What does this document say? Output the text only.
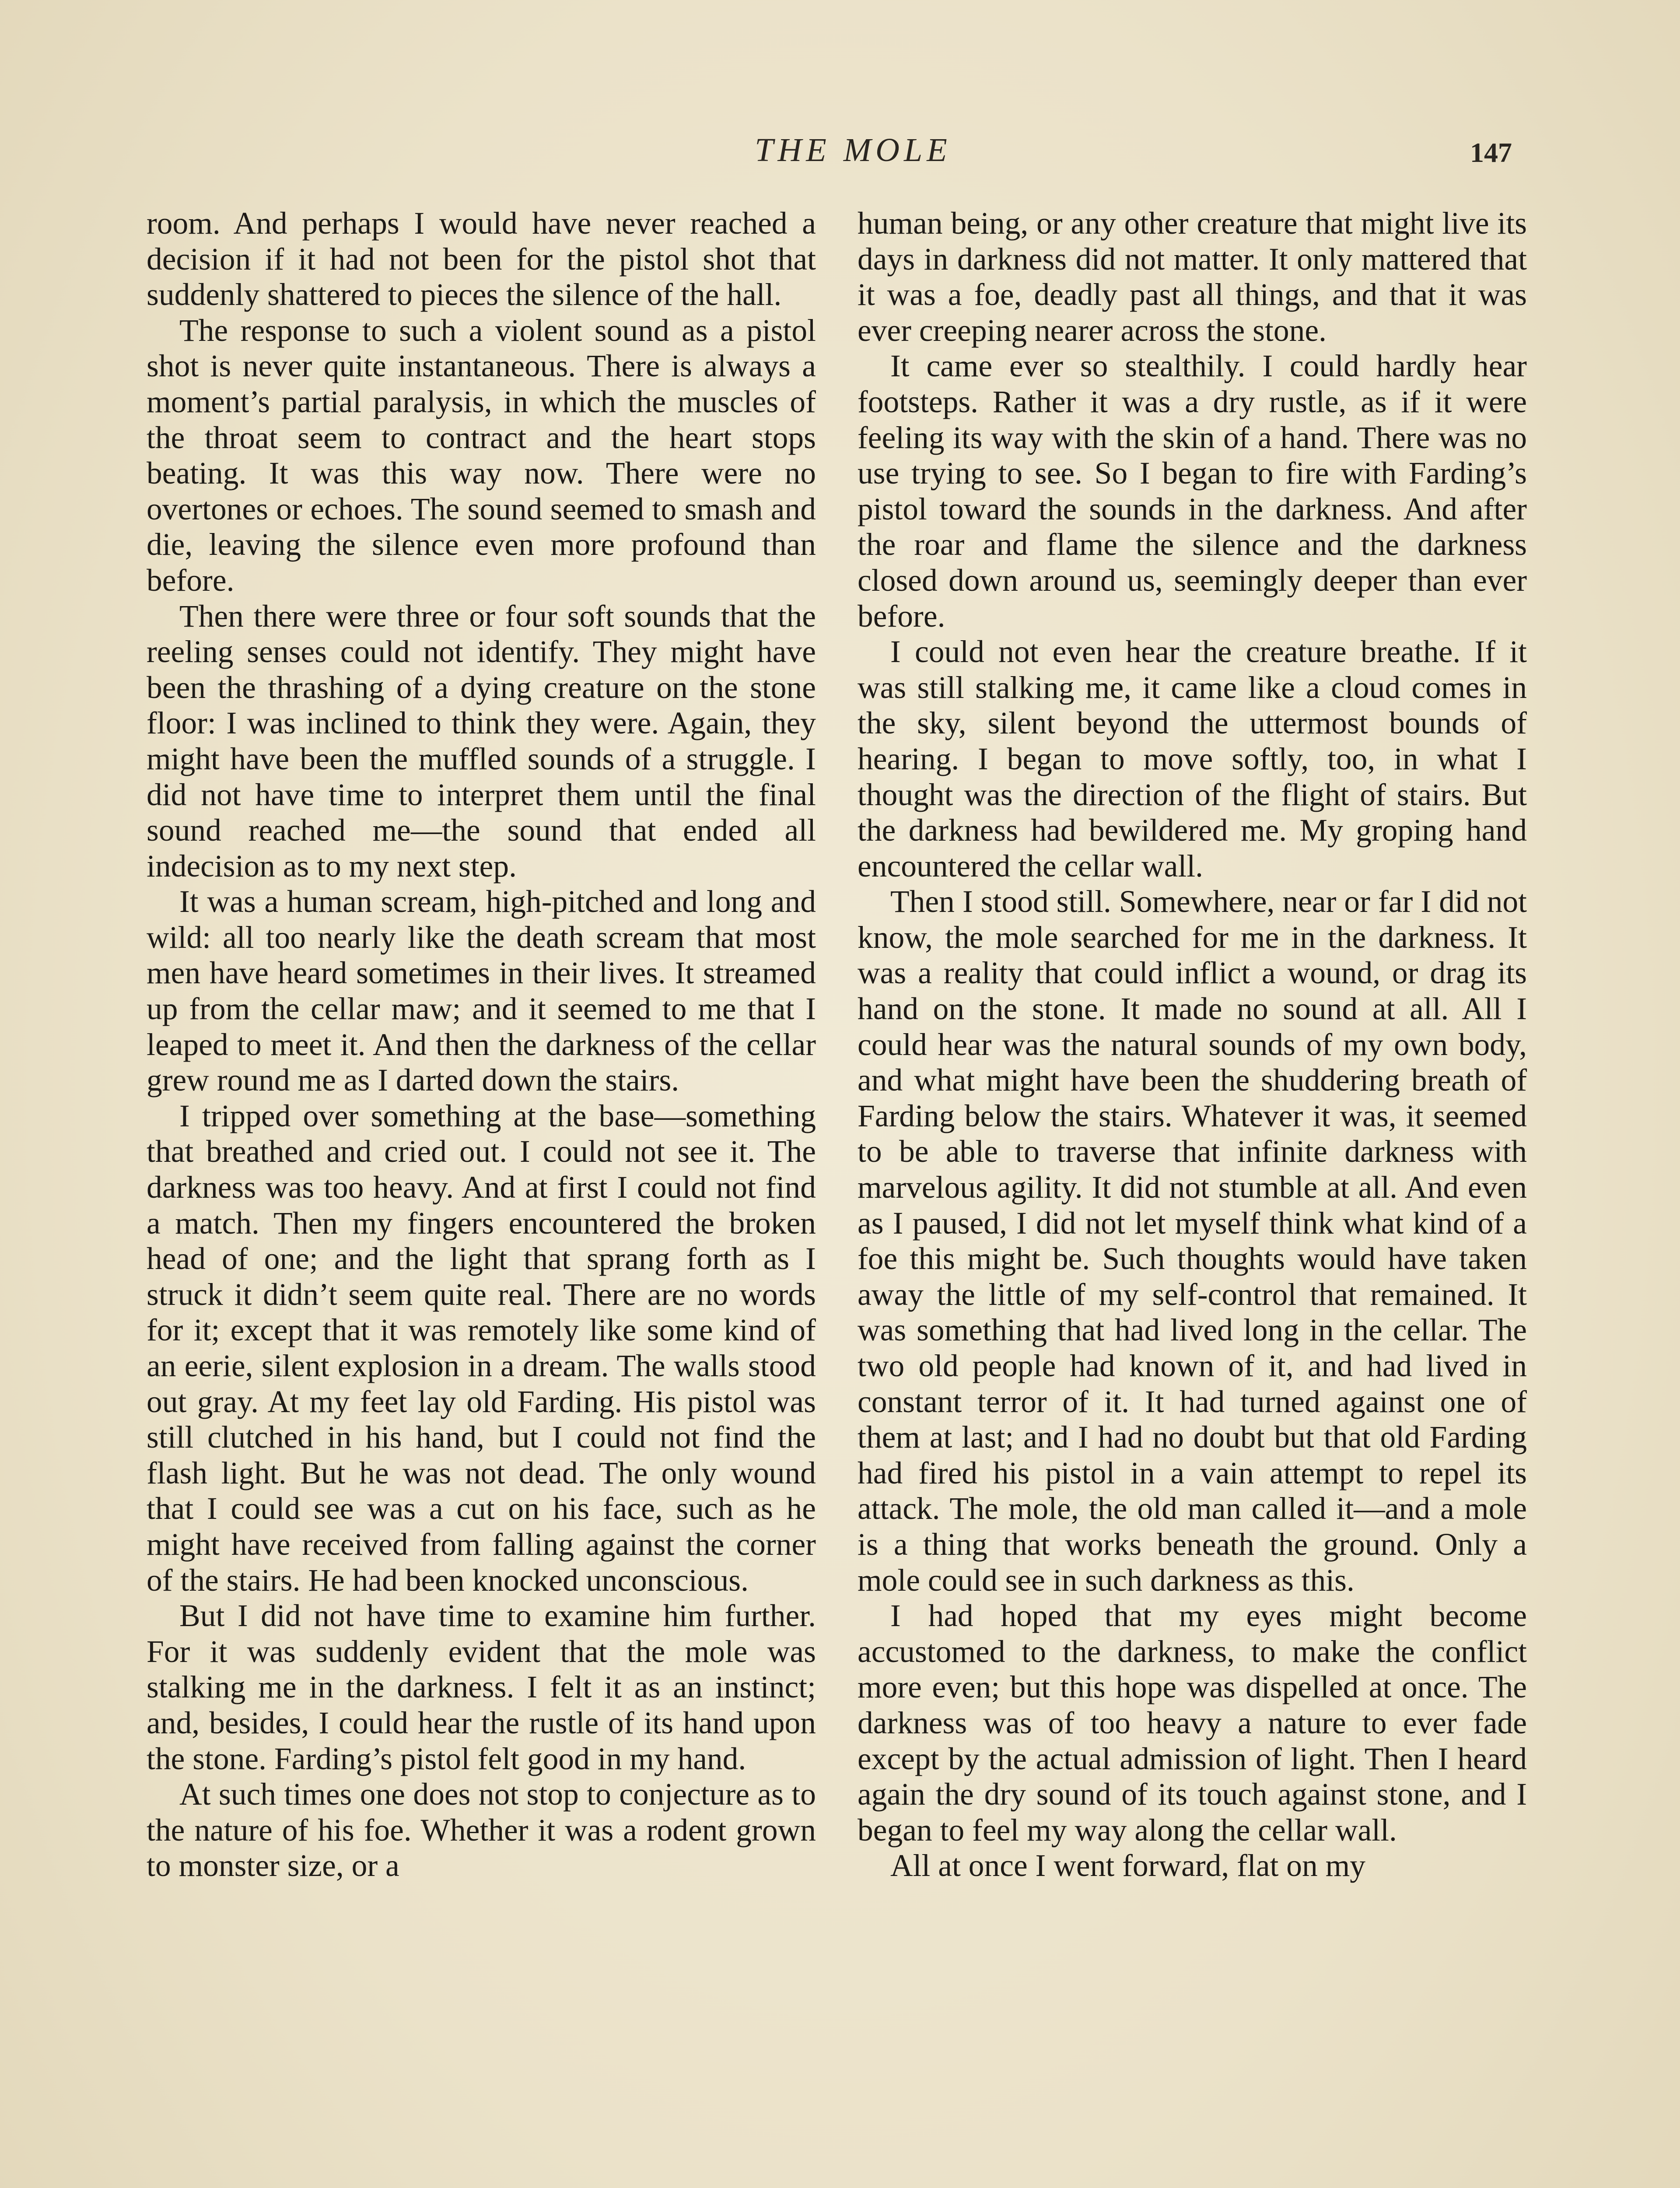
THE MOLE	147

room. And perhaps I would have never reached a decision if it had not been for the pistol shot that suddenly shattered to pieces the silence of the hall.

The response to such a violent sound as a pistol shot is never quite instantaneous. There is always a moment’s partial paralysis, in which the muscles of the throat seem to contract and the heart stops beating. It was this way now. There were no overtones or echoes. The sound seemed to smash and die, leaving the silence even more profound than before.

Then there were three or four soft sounds that the reeling senses could not identify. They might have been the thrashing of a dying creature on the stone floor: I was inclined to think they were. Again, they might have been the muffled sounds of a struggle. I did not have time to interpret them until the final sound reached me—the sound that ended all indecision as to my next step.

It was a human scream, high-pitched and long and wild: all too nearly like the death scream that most men have heard sometimes in their lives. It streamed up from the cellar maw; and it seemed to me that I leaped to meet it. And then the darkness of the cellar grew round me as I darted down the stairs.

I tripped over something at the base—something that breathed and cried out. I could not see it. The darkness was too heavy. And at first I could not find a match. Then my fingers encountered the broken head of one; and the light that sprang forth as I struck it didn’t seem quite real. There are no words for it; except that it was remotely like some kind of an eerie, silent explosion in a dream. The walls stood out gray. At my feet lay old Farding. His pistol was still clutched in his hand, but I could not find the flash light. But he was not dead. The only wound that I could see was a cut on his face, such as he might have received from falling against the corner of the stairs. He had been knocked unconscious.

But I did not have time to examine him further. For it was suddenly evident that the mole was stalking me in the darkness. I felt it as an instinct; and, besides, I could hear the rustle of its hand upon the stone. Farding’s pistol felt good in my hand.

At such times one does not stop to conjecture as to the nature of his foe. Whether it was a rodent grown to monster size, or a

human being, or any other creature that might live its days in darkness did not matter. It only mattered that it was a foe, deadly past all things, and that it was ever creeping nearer across the stone.

It came ever so stealthily. I could hardly hear footsteps. Rather it was a dry rustle, as if it were feeling its way with the skin of a hand. There was no use trying to see. So I began to fire with Farding’s pistol toward the sounds in the darkness. And after the roar and flame the silence and the darkness closed down around us, seemingly deeper than ever before.

I could not even hear the creature breathe. If it was still stalking me, it came like a cloud comes in the sky, silent beyond the uttermost bounds of hearing. I began to move softly, too, in what I thought was the direction of the flight of stairs. But the darkness had bewildered me. My groping hand encountered the cellar wall.

Then I stood still. Somewhere, near or far I did not know, the mole searched for me in the darkness. It was a reality that could inflict a wound, or drag its hand on the stone. It made no sound at all. All I could hear was the natural sounds of my own body, and what might have been the shuddering breath of Farding below the stairs. Whatever it was, it seemed to be able to traverse that infinite darkness with marvelous agility. It did not stumble at all. And even as I paused, I did not let myself think what kind of a foe this might be. Such thoughts would have taken away the little of my self-control that remained. It was something that had lived long in the cellar. The two old people had known of it, and had lived in constant terror of it. It had turned against one of them at last; and I had no doubt but that old Farding had fired his pistol in a vain attempt to repel its attack. The mole, the old man called it—and a mole is a thing that works beneath the ground. Only a mole could see in such darkness as this.

I had hoped that my eyes might become accustomed to the darkness, to make the conflict more even; but this hope was dispelled at once. The darkness was of too heavy a nature to ever fade except by the actual admission of light. Then I heard again the dry sound of its touch against stone, and I began to feel my way along the cellar wall.

All at once I went forward, flat on my
